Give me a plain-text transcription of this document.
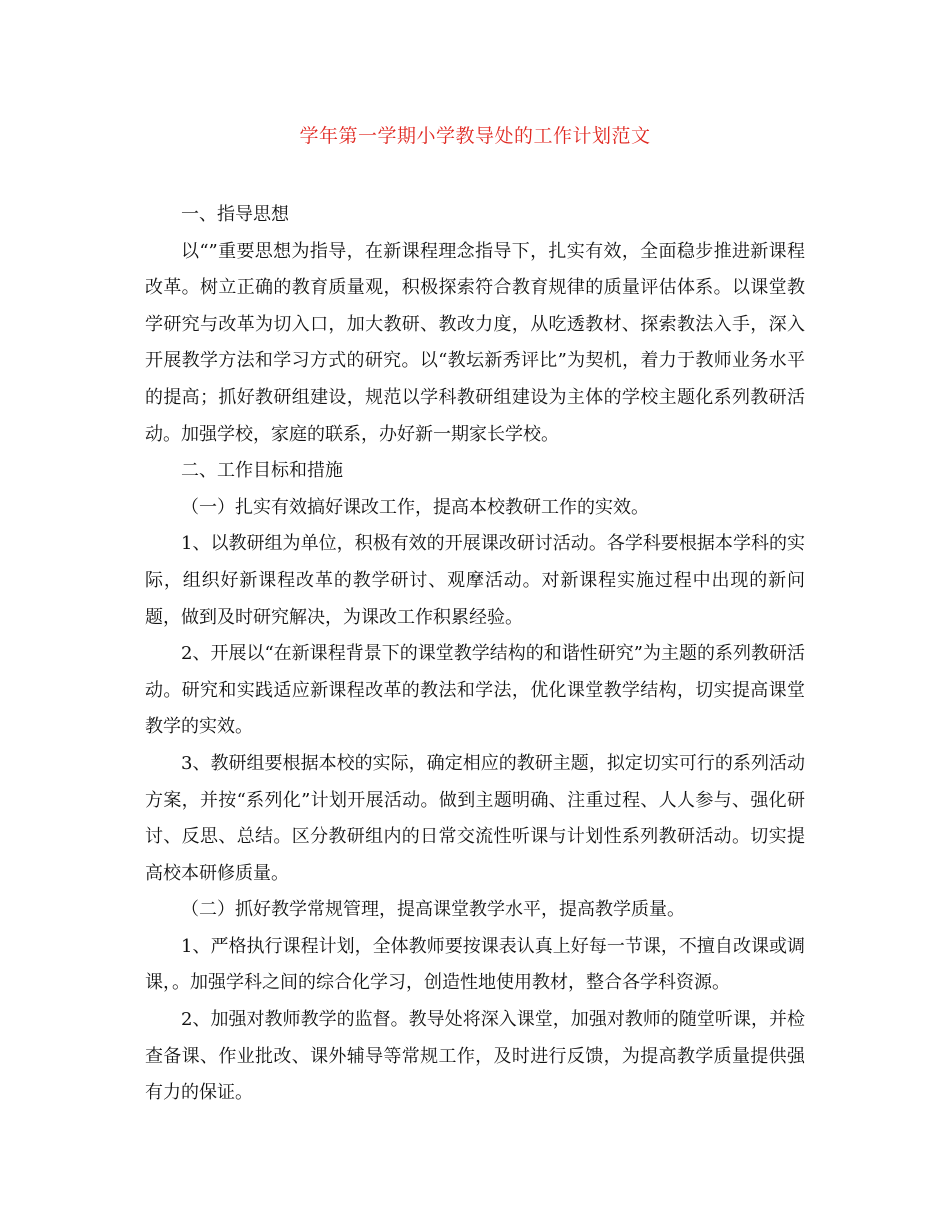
学年第一学期小学教导处的工作计划范文

一、指导思想

以“”重要思想为指导，在新课程理念指导下，扎实有效，全面稳步推进新课程改革。树立正确的教育质量观，积极探索符合教育规律的质量评估体系。以课堂教学研究与改革为切入口，加大教研、教改力度，从吃透教材、探索教法入手，深入开展教学方法和学习方式的研究。以“教坛新秀评比”为契机，着力于教师业务水平的提高；抓好教研组建设，规范以学科教研组建设为主体的学校主题化系列教研活动。加强学校，家庭的联系，办好新一期家长学校。

二、工作目标和措施

（一）扎实有效搞好课改工作，提高本校教研工作的实效。

1、以教研组为单位，积极有效的开展课改研讨活动。各学科要根据本学科的实际，组织好新课程改革的教学研讨、观摩活动。对新课程实施过程中出现的新问题，做到及时研究解决，为课改工作积累经验。

2、开展以“在新课程背景下的课堂教学结构的和谐性研究”为主题的系列教研活动。研究和实践适应新课程改革的教法和学法，优化课堂教学结构，切实提高课堂教学的实效。

3、教研组要根据本校的实际，确定相应的教研主题，拟定切实可行的系列活动方案，并按“系列化”计划开展活动。做到主题明确、注重过程、人人参与、强化研讨、反思、总结。区分教研组内的日常交流性听课与计划性系列教研活动。切实提高校本研修质量。

（二）抓好教学常规管理，提高课堂教学水平，提高教学质量。

1、严格执行课程计划，全体教师要按课表认真上好每一节课，不擅自改课或调课，。加强学科之间的综合化学习，创造性地使用教材，整合各学科资源。

2、加强对教师教学的监督。教导处将深入课堂，加强对教师的随堂听课，并检查备课、作业批改、课外辅导等常规工作，及时进行反馈，为提高教学质量提供强有力的保证。
